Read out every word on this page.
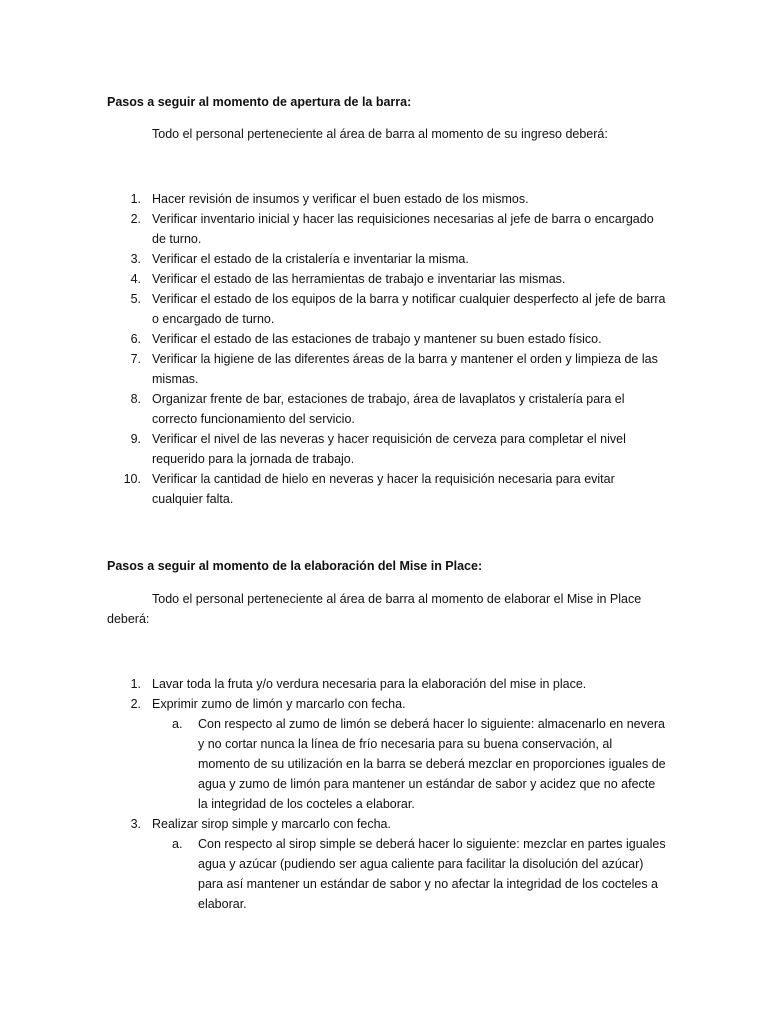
Pasos a seguir al momento de apertura de la barra:

Todo el personal perteneciente al área de barra al momento de su ingreso deberá:

1. Hacer revisión de insumos y verificar el buen estado de los mismos.
2. Verificar inventario inicial y hacer las requisiciones necesarias al jefe de barra o encargado de turno.
3. Verificar el estado de la cristalería e inventariar la misma.
4. Verificar el estado de las herramientas de trabajo e inventariar las mismas.
5. Verificar el estado de los equipos de la barra y notificar cualquier desperfecto al jefe de barra o encargado de turno.
6. Verificar el estado de las estaciones de trabajo y mantener su buen estado físico.
7. Verificar la higiene de las diferentes áreas de la barra y mantener el orden y limpieza de las mismas.
8. Organizar frente de bar, estaciones de trabajo, área de lavaplatos y cristalería para el correcto funcionamiento del servicio.
9. Verificar el nivel de las neveras y hacer requisición de cerveza para completar el nivel requerido para la jornada de trabajo.
10. Verificar la cantidad de hielo en neveras y hacer la requisición necesaria para evitar cualquier falta.

Pasos a seguir al momento de la elaboración del Mise in Place:

Todo el personal perteneciente al área de barra al momento de elaborar el Mise in Place deberá:

1. Lavar toda la fruta y/o verdura necesaria para la elaboración del mise in place.
2. Exprimir zumo de limón y marcarlo con fecha.
a. Con respecto al zumo de limón se deberá hacer lo siguiente: almacenarlo en nevera y no cortar nunca la línea de frío necesaria para su buena conservación, al momento de su utilización en la barra se deberá mezclar en proporciones iguales de agua y zumo de limón para mantener un estándar de sabor y acidez que no afecte la integridad de los cocteles a elaborar.
3. Realizar sirop simple y marcarlo con fecha.
a. Con respecto al sirop simple se deberá hacer lo siguiente: mezclar en partes iguales agua y azúcar (pudiendo ser agua caliente para facilitar la disolución del azúcar) para así mantener un estándar de sabor y no afectar la integridad de los cocteles a elaborar.
